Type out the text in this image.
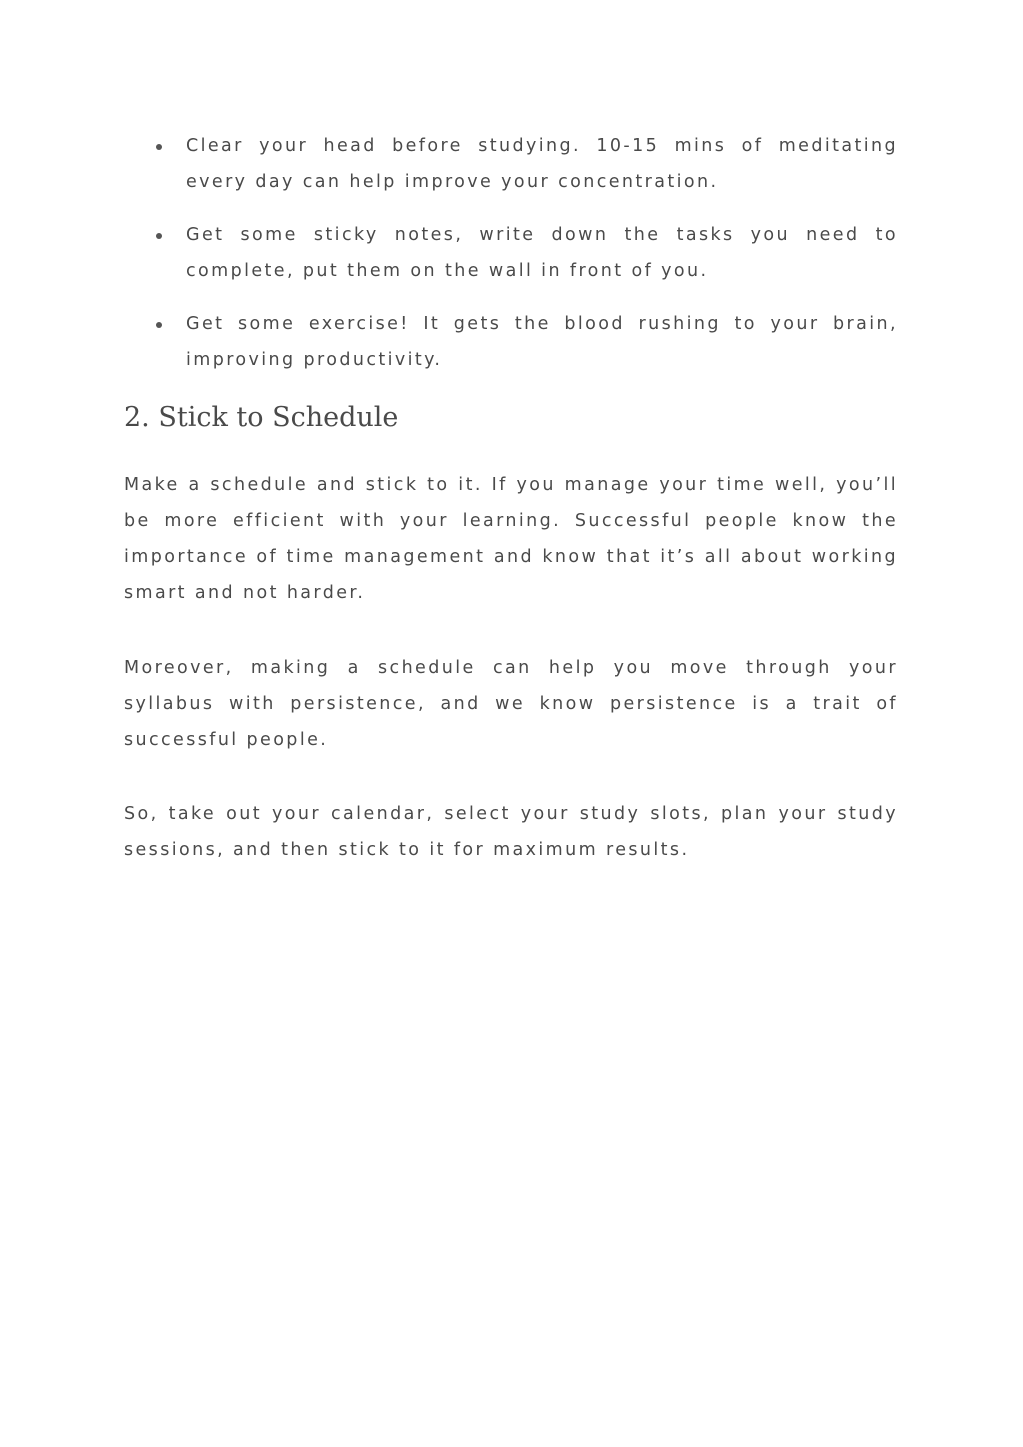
Clear your head before studying. 10-15 mins of meditating every day can help improve your concentration.
Get some sticky notes, write down the tasks you need to complete, put them on the wall in front of you.
Get some exercise! It gets the blood rushing to your brain, improving productivity.
2. Stick to Schedule

Make a schedule and stick to it. If you manage your time well, you’ll be more efficient with your learning. Successful people know the importance of time management and know that it’s all about working smart and not harder.

Moreover, making a schedule can help you move through your syllabus with persistence, and we know persistence is a trait of successful people.

So, take out your calendar, select your study slots, plan your study sessions, and then stick to it for maximum results.
